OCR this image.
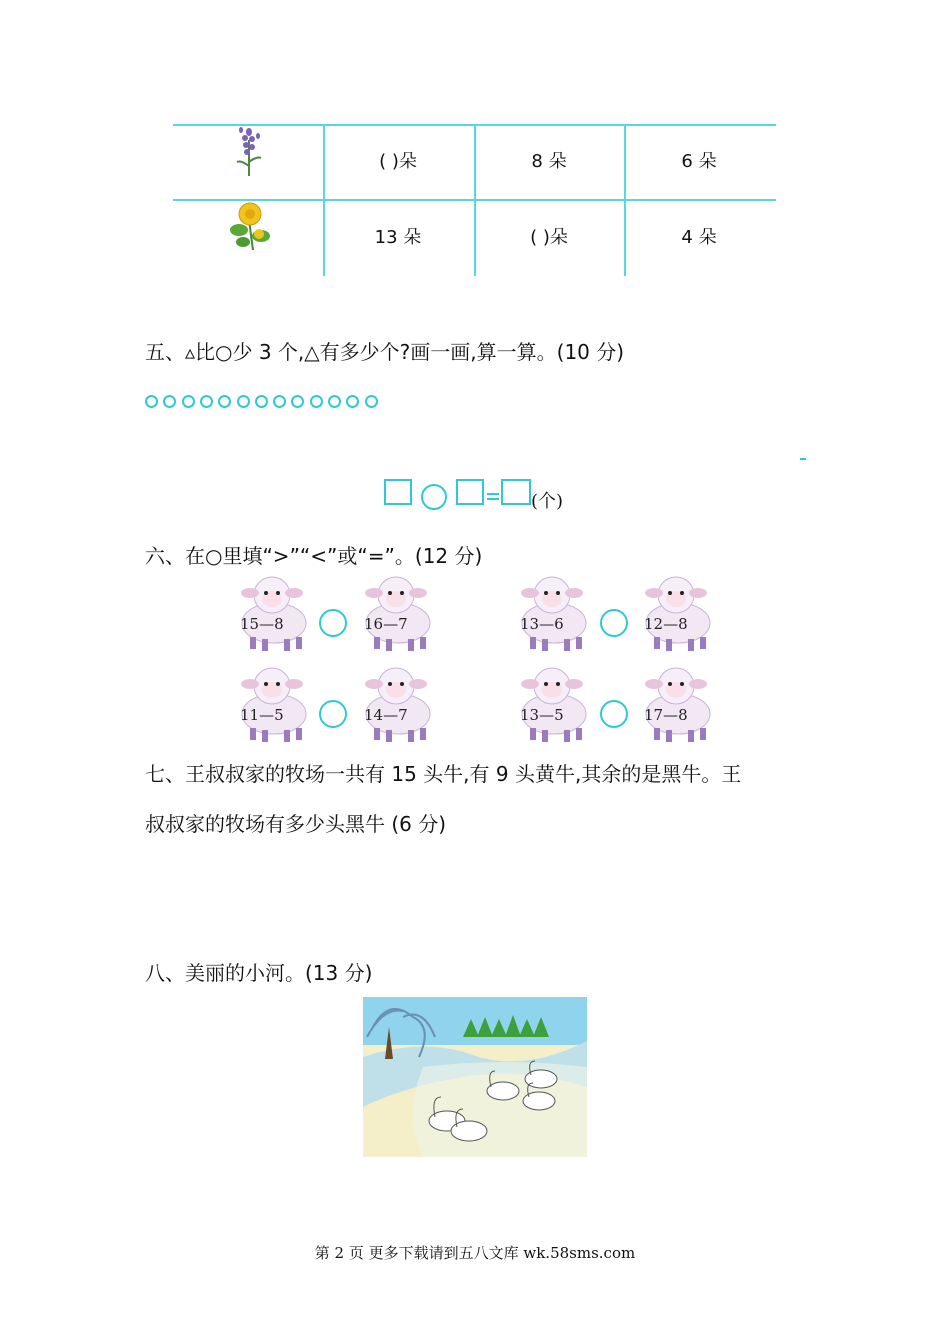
( )朵	8 朵	6 朵
13 朵	( )朵	4 朵
五、▵比○少 3 个,△有多少个?画一画,算一算。(10 分)
(个)
六、在○里填“>”“<”或“=”。(12 分)
15—8	16—7	13—6	12—8
11—5	14—7	13—5	17—8
七、王叔叔家的牧场一共有 15 头牛,有 9 头黄牛,其余的是黑牛。王
叔叔家的牧场有多少头黑牛 (6 分)
八、美丽的小河。(13 分)
第 2 页 更多下载请到五八文库 wk.58sms.com
